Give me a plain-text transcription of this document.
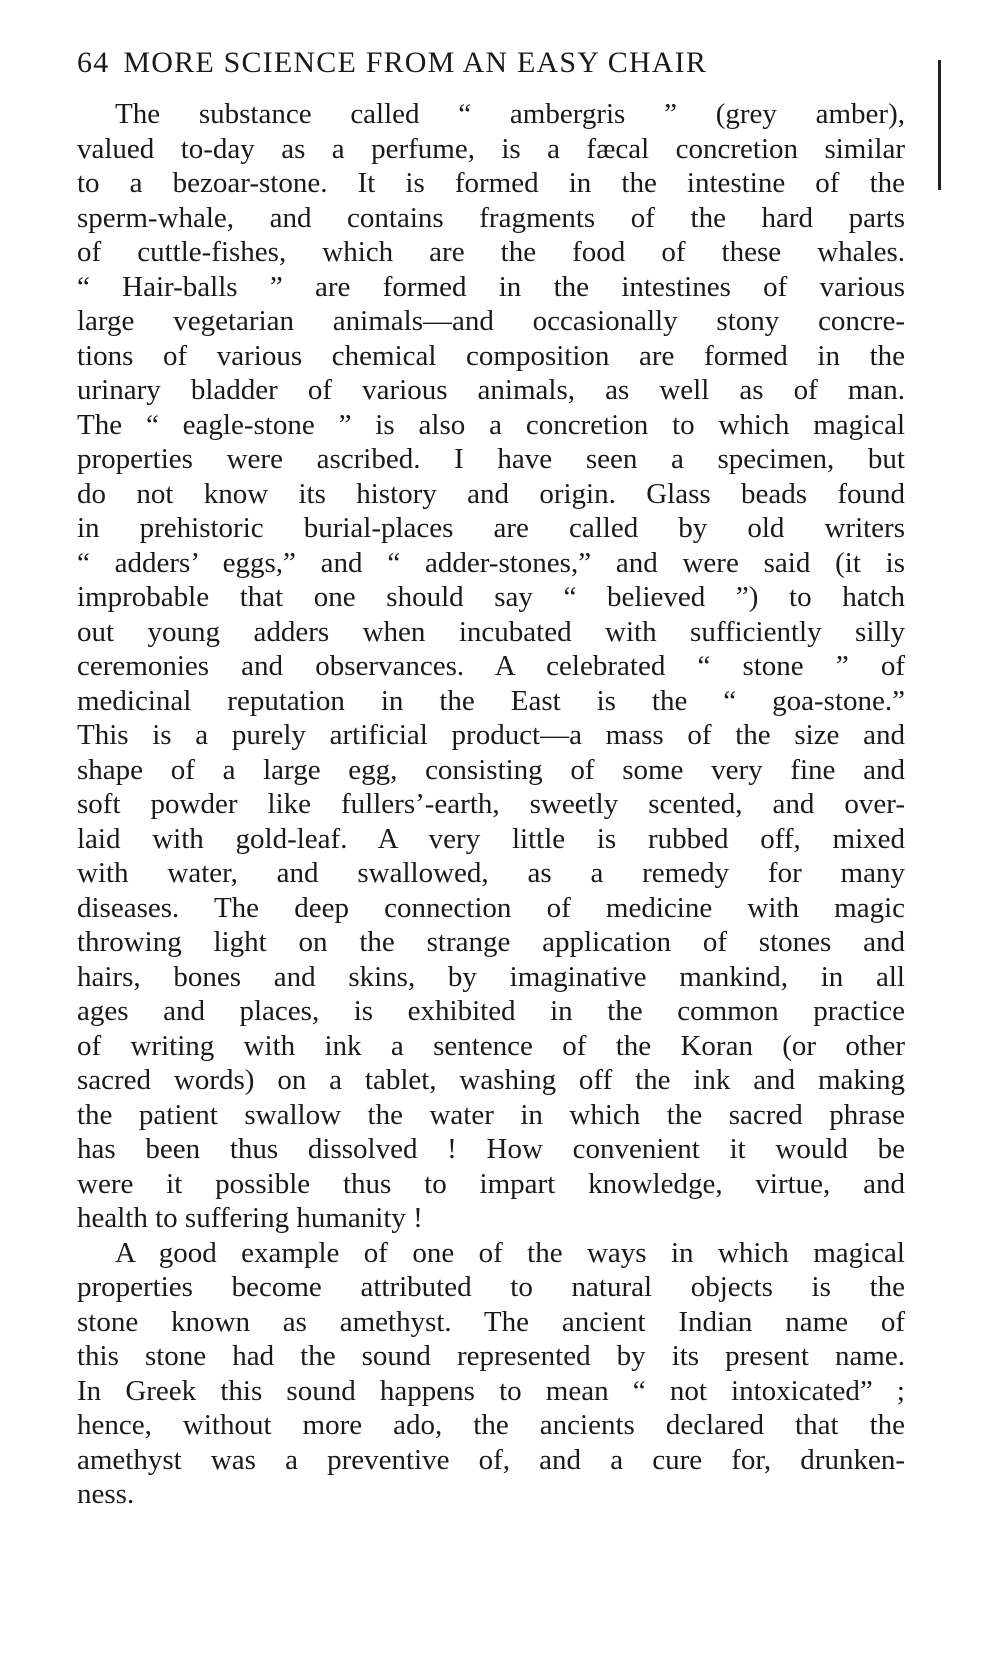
64 MORE SCIENCE FROM AN EASY CHAIR
The substance called “ ambergris ” (grey amber),
valued to-day as a perfume, is a fæcal concretion similar
to a bezoar-stone. It is formed in the intestine of the
sperm-whale, and contains fragments of the hard parts
of cuttle-fishes, which are the food of these whales.
“ Hair-balls ” are formed in the intestines of various
large vegetarian animals—and occasionally stony concre-
tions of various chemical composition are formed in the
urinary bladder of various animals, as well as of man.
The “ eagle-stone ” is also a concretion to which magical
properties were ascribed. I have seen a specimen, but
do not know its history and origin. Glass beads found
in prehistoric burial-places are called by old writers
“ adders’ eggs,” and “ adder-stones,” and were said (it is
improbable that one should say “ believed ”) to hatch
out young adders when incubated with sufficiently silly
ceremonies and observances. A celebrated “ stone ” of
medicinal reputation in the East is the “ goa-stone.”
This is a purely artificial product—a mass of the size and
shape of a large egg, consisting of some very fine and
soft powder like fullers’-earth, sweetly scented, and over-
laid with gold-leaf. A very little is rubbed off, mixed
with water, and swallowed, as a remedy for many
diseases. The deep connection of medicine with magic
throwing light on the strange application of stones and
hairs, bones and skins, by imaginative mankind, in all
ages and places, is exhibited in the common practice
of writing with ink a sentence of the Koran (or other
sacred words) on a tablet, washing off the ink and making
the patient swallow the water in which the sacred phrase
has been thus dissolved ! How convenient it would be
were it possible thus to impart knowledge, virtue, and
health to suffering humanity !
A good example of one of the ways in which magical
properties become attributed to natural objects is the
stone known as amethyst. The ancient Indian name of
this stone had the sound represented by its present name.
In Greek this sound happens to mean “ not intoxicated” ;
hence, without more ado, the ancients declared that the
amethyst was a preventive of, and a cure for, drunken-
ness.
